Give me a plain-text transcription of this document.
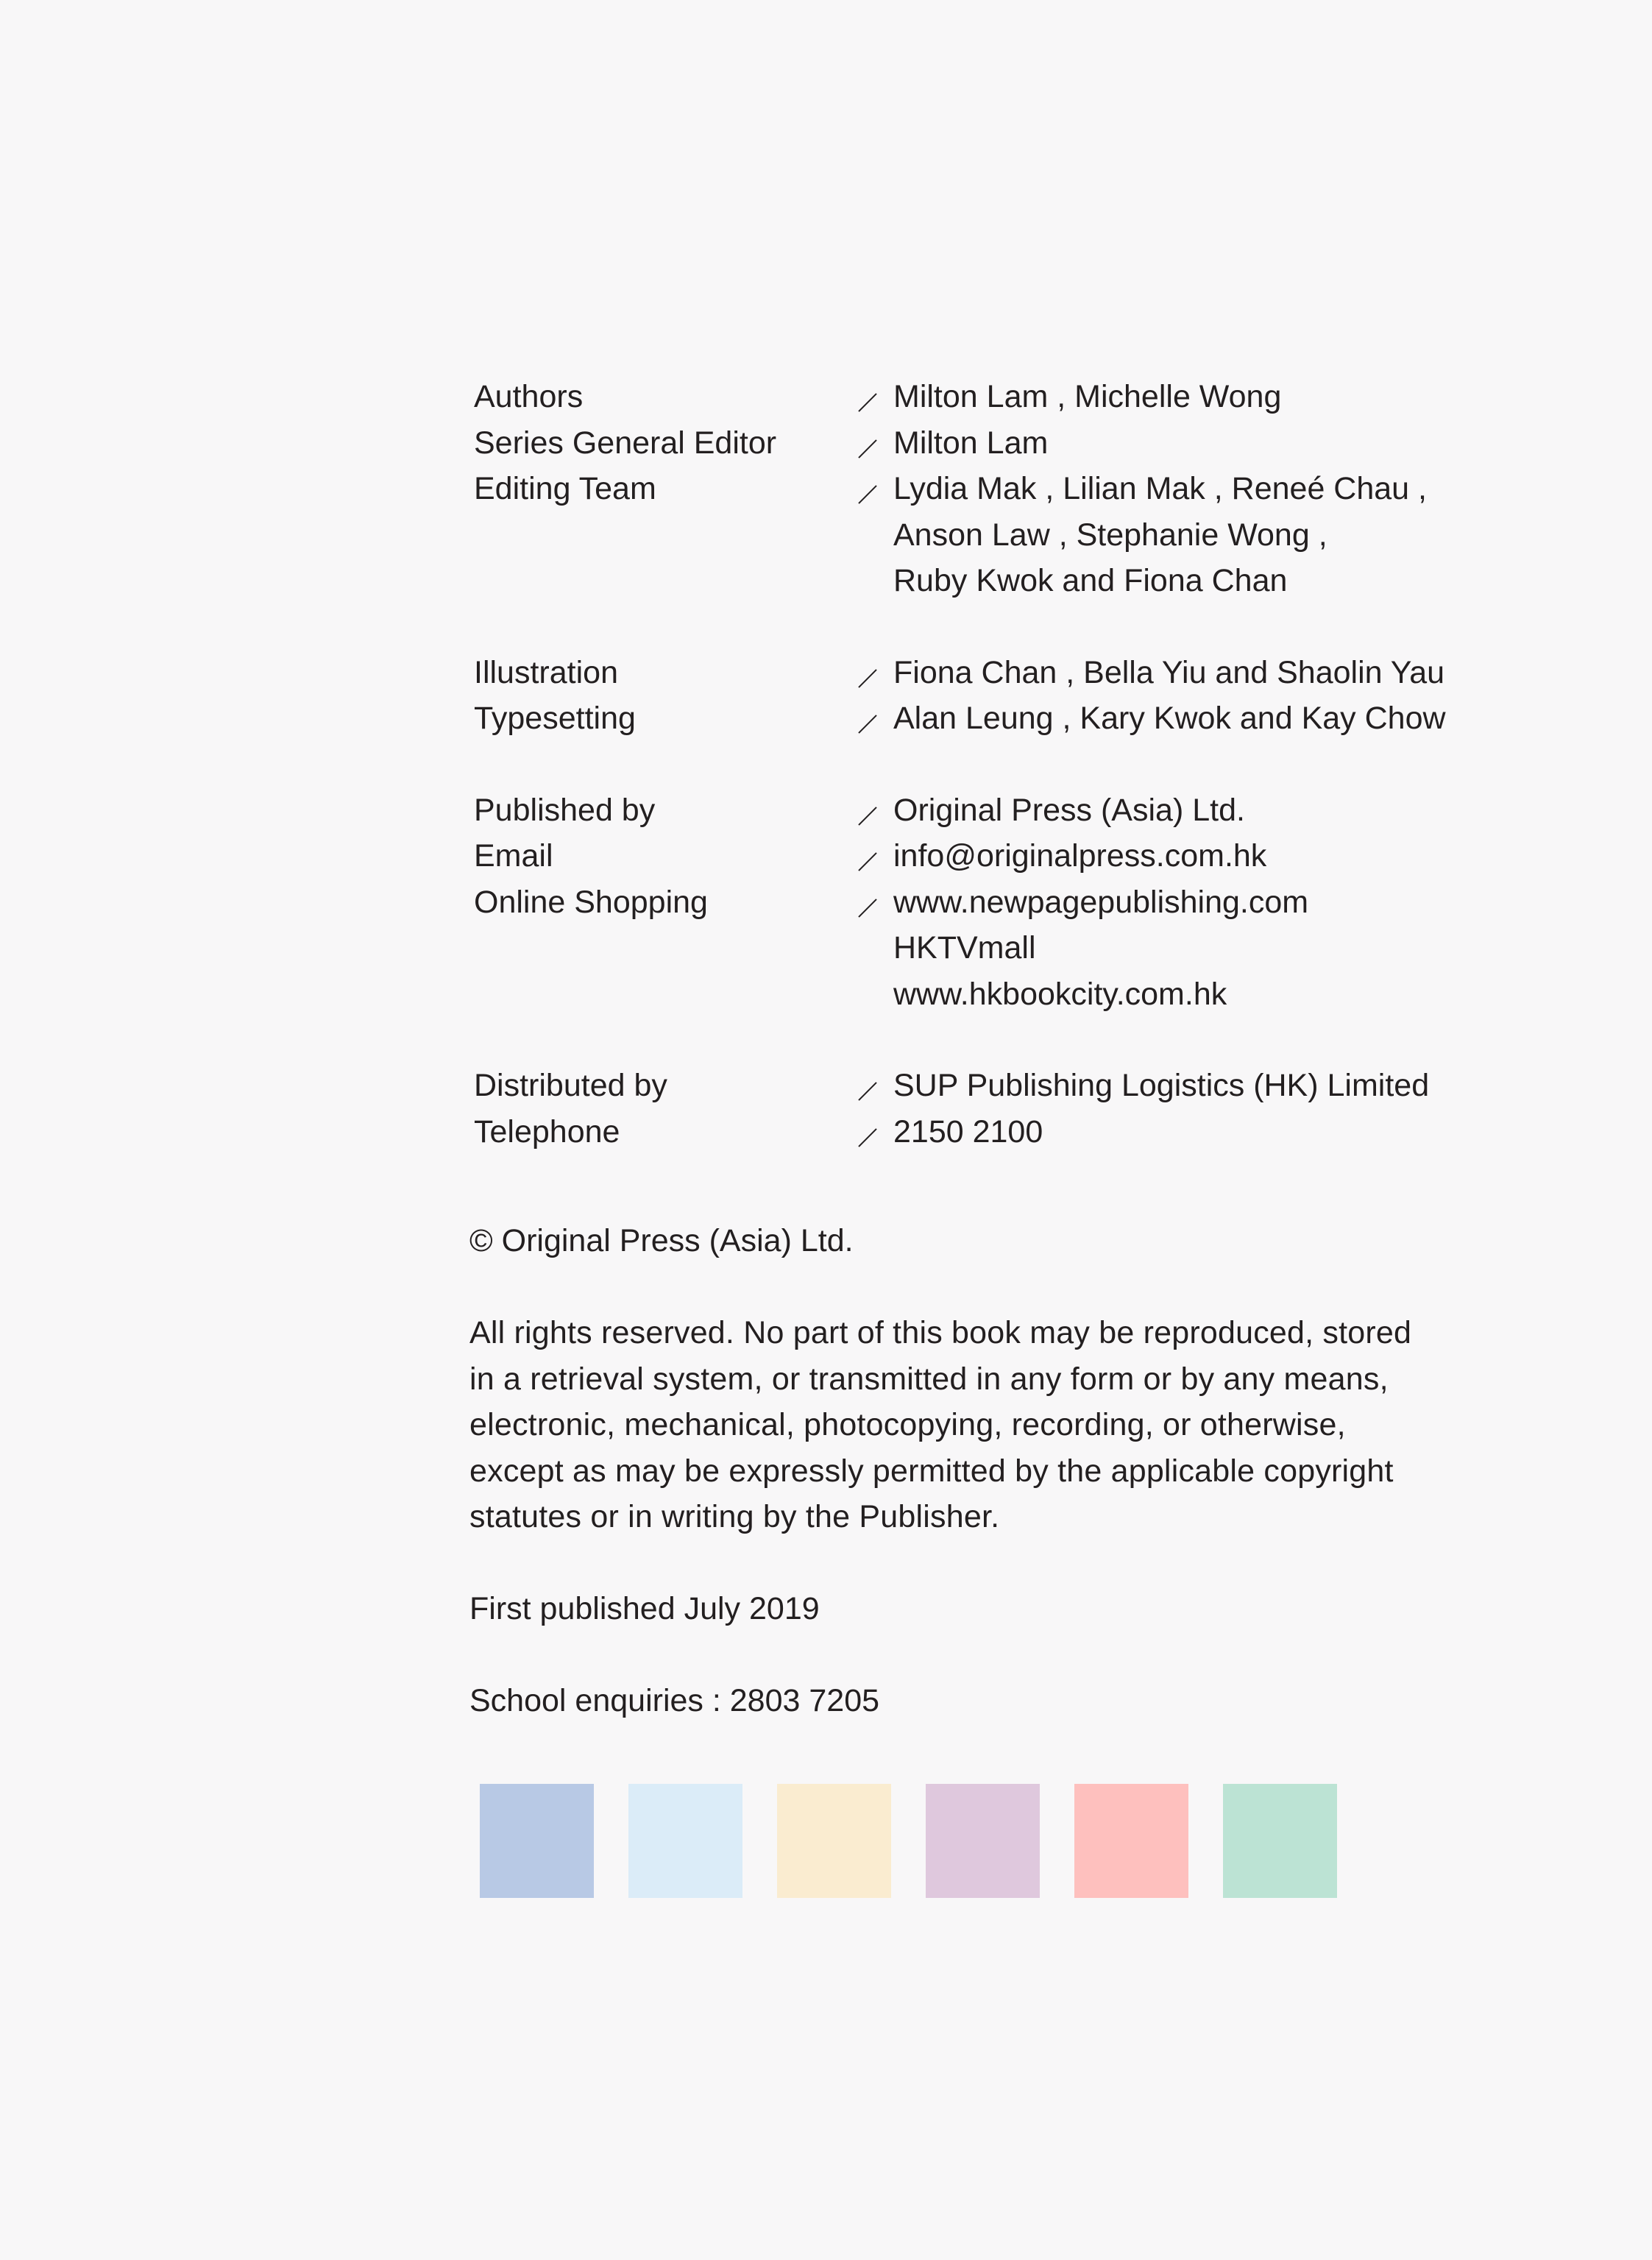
Authors	Milton Lam , Michelle Wong
Series General Editor	Milton Lam
Editing Team	Lydia Mak , Lilian Mak , Reneé Chau ,
Anson Law , Stephanie Wong ,
Ruby Kwok and Fiona Chan
Illustration	Fiona Chan , Bella Yiu and Shaolin Yau
Typesetting	Alan Leung , Kary Kwok and Kay Chow
Published by	Original Press (Asia) Ltd.
Email	info@originalpress.com.hk
Online Shopping	www.newpagepublishing.com
HKTVmall
www.hkbookcity.com.hk
Distributed by	SUP Publishing Logistics (HK) Limited
Telephone	2150 2100
© Original Press (Asia) Ltd.
All rights reserved. No part of this book may be reproduced, stored
in a retrieval system, or transmitted in any form or by any means,
electronic, mechanical, photocopying, recording, or otherwise,
except as may be expressly permitted by the applicable copyright
statutes or in writing by the Publisher.
First published July 2019
School enquiries : 2803 7205
